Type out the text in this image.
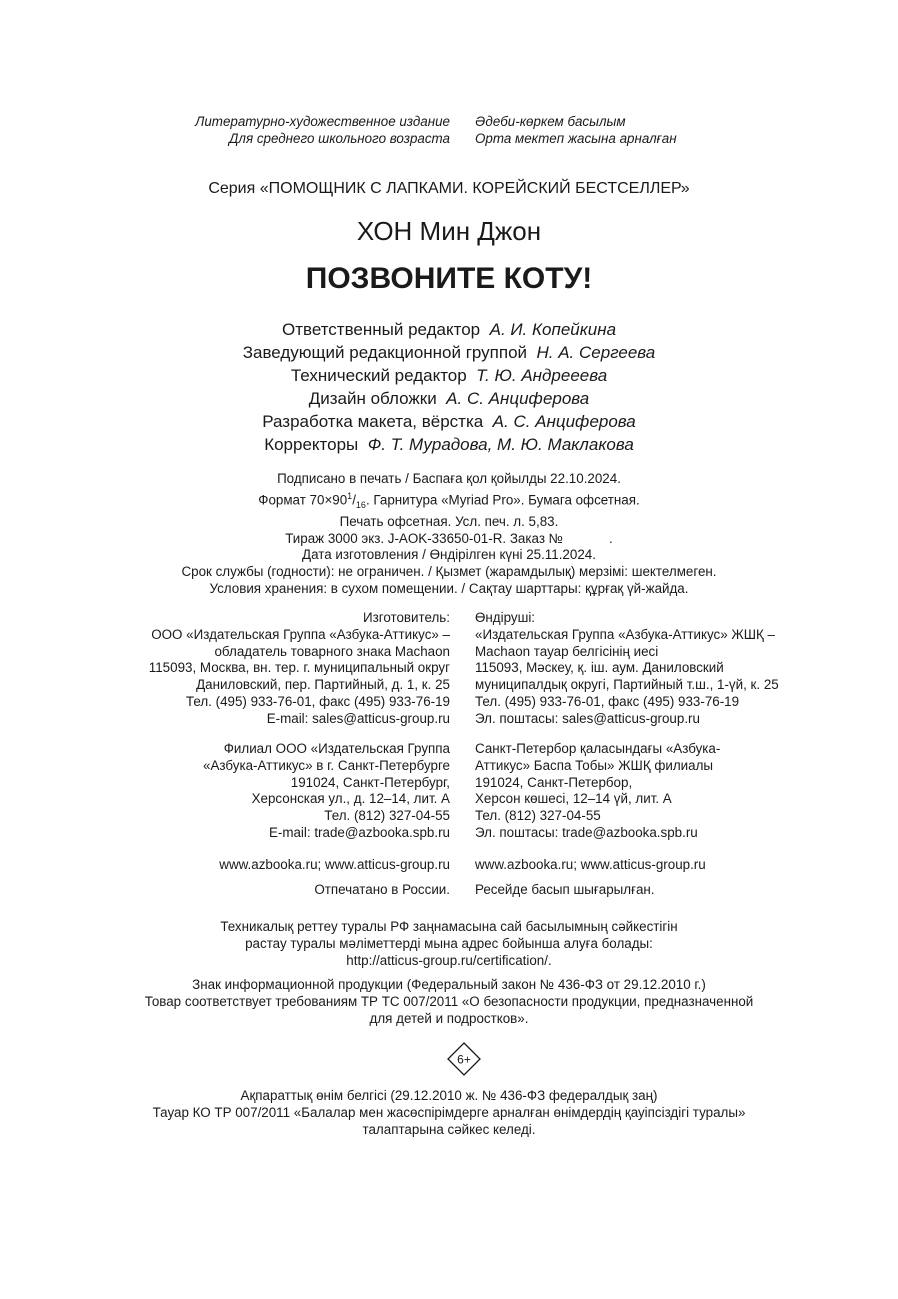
Литературно-художественное издание
Для среднего школьного возраста
Әдеби-көркем басылым
Орта мектеп жасына арналған
Серия «ПОМОЩНИК С ЛАПКАМИ. КОРЕЙСКИЙ БЕСТСЕЛЛЕР»
ХОН Мин Джон
ПОЗВОНИТЕ КОТУ!
Ответственный редактор А. И. Копейкина
Заведующий редакционной группой Н. А. Сергеева
Технический редактор Т. Ю. Андрееева
Дизайн обложки А. С. Анциферова
Разработка макета, вёрстка А. С. Анциферова
Корректоры Ф. Т. Мурадова, М. Ю. Маклакова
Подписано в печать / Баспаға қол қойылды 22.10.2024.
Формат $70\times 90^1/_{16}$. Гарнитура «Myriad Pro». Бумага офсетная.
Печать офсетная. Усл. печ. л. 5,83.
Тираж 3000 экз. J-AOK-33650-01-R. Заказ №	.
Дата изготовления / Өндірілген күні 25.11.2024.
Срок службы (годности): не ограничен. / Қызмет (жарамдылық) мерзімі: шектелмеген.
Условия хранения: в сухом помещении. / Сақтау шарттары: құрғақ үй-жайда.
Изготовитель:
ООО «Издательская Группа «Азбука-Аттикус» –
обладатель товарного знака Machaon
115093, Москва, вн. тер. г. муниципальный округ
Даниловский, пер. Партийный, д. 1, к. 25
Тел. (495) 933-76-01, факс (495) 933-76-19
E-mail: sales@atticus-group.ru
Өндіруші:
«Издательская Группа «Азбука-Аттикус» ЖШҚ –
Machaon тауар белгісінің иесі
115093, Мәскеу, қ. іш. аум. Даниловский
муниципалдық округі, Партийный т.ш., 1-үй, к. 25
Тел. (495) 933-76-01, факс (495) 933-76-19
Эл. поштасы: sales@atticus-group.ru
Филиал ООО «Издательская Группа
«Азбука-Аттикус» в г. Санкт-Петербурге
191024, Санкт-Петербург,
Херсонская ул., д. 12–14, лит. А
Тел. (812) 327-04-55
E-mail: trade@azbooka.spb.ru
Санкт-Петербор қаласындағы «Азбука-
Аттикус» Баспа Тобы» ЖШҚ филиалы
191024, Санкт-Петербор,
Херсон көшесі, 12–14 үй, лит. А
Тел. (812) 327-04-55
Эл. поштасы: trade@azbooka.spb.ru
www.azbooka.ru; www.atticus-group.ru www.azbooka.ru; www.atticus-group.ru
Отпечатано в России. Ресейде басып шығарылған.
Техникалық реттеу туралы РФ заңнамасына сай басылымның сәйкестігін
растау туралы мәліметтерді мына адрес бойынша алуға болады:
http://atticus-group.ru/certification/.
Знак информационной продукции (Федеральный закон № 436-ФЗ от 29.12.2010 г.)
Товар соответствует требованиям ТР ТС 007/2011 «О безопасности продукции, предназначенной
для детей и подростков».
6+
Ақпараттық өнім белгісі (29.12.2010 ж. № 436-ФЗ федералдық заң)
Тауар КО ТР 007/2011 «Балалар мен жасөспірімдерге арналған өнімдердің қауіпсіздігі туралы»
талаптарына сәйкес келеді.
